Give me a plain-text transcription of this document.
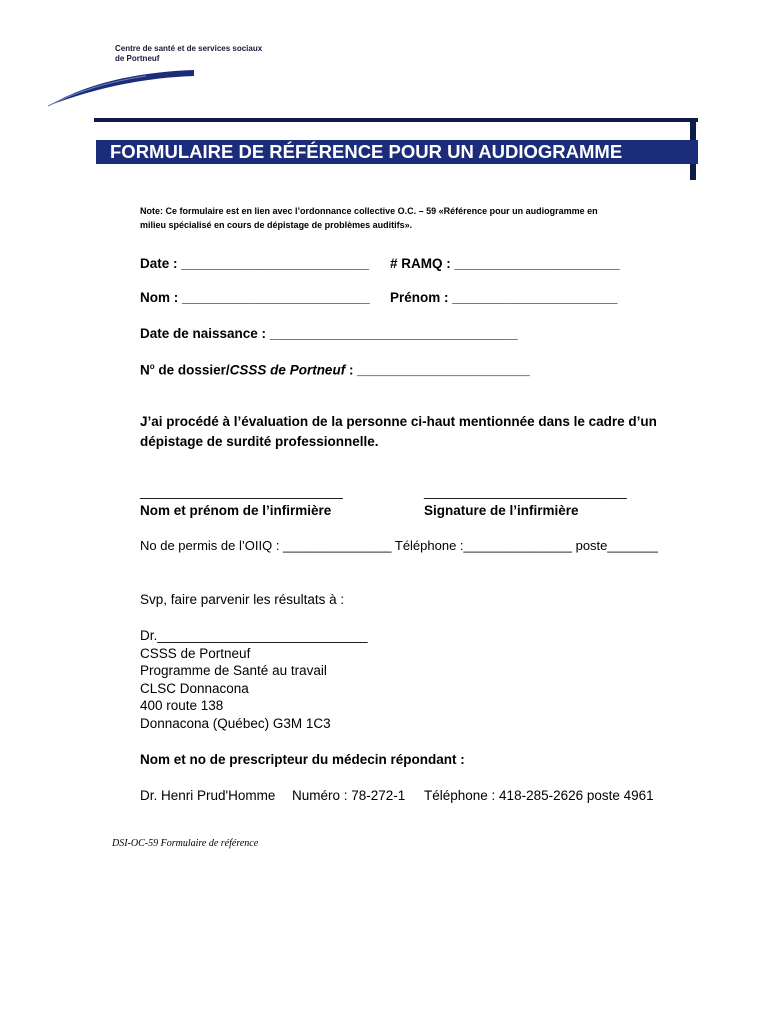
Centre de santé et de services sociaux
de Portneuf
FORMULAIRE DE RÉFÉRENCE POUR UN AUDIOGRAMME
Note: Ce formulaire est en lien avec l’ordonnance collective O.C. – 59 «Référence pour un audiogramme en
milieu spécialisé en cours de dépistage de problèmes auditifs».
Date : _________________________ # RAMQ : ______________________
Nom : _________________________ Prénom : ______________________
Date de naissance : _________________________________
$N^o$ de dossier/CSSS de Portneuf : _______________________
J’ai procédé à l’évaluation de la personne ci-haut mentionnée dans le cadre d’un
dépistage de surdité professionnelle.
___________________________	___________________________
Nom et prénom de l’infirmière	Signature de l’infirmière
No de permis de l’OIIQ : _______________ Téléphone :_______________ poste_______
Svp, faire parvenir les résultats à :
Dr.____________________________
CSSS de Portneuf
Programme de Santé au travail
CLSC Donnacona
400 route 138
Donnacona (Québec) G3M 1C3
Nom et no de prescripteur du médecin répondant :
Dr. Henri Prud'Homme Numéro : 78-272-1 Téléphone : 418-285-2626 poste 4961
DSI-OC-59 Formulaire de référence
